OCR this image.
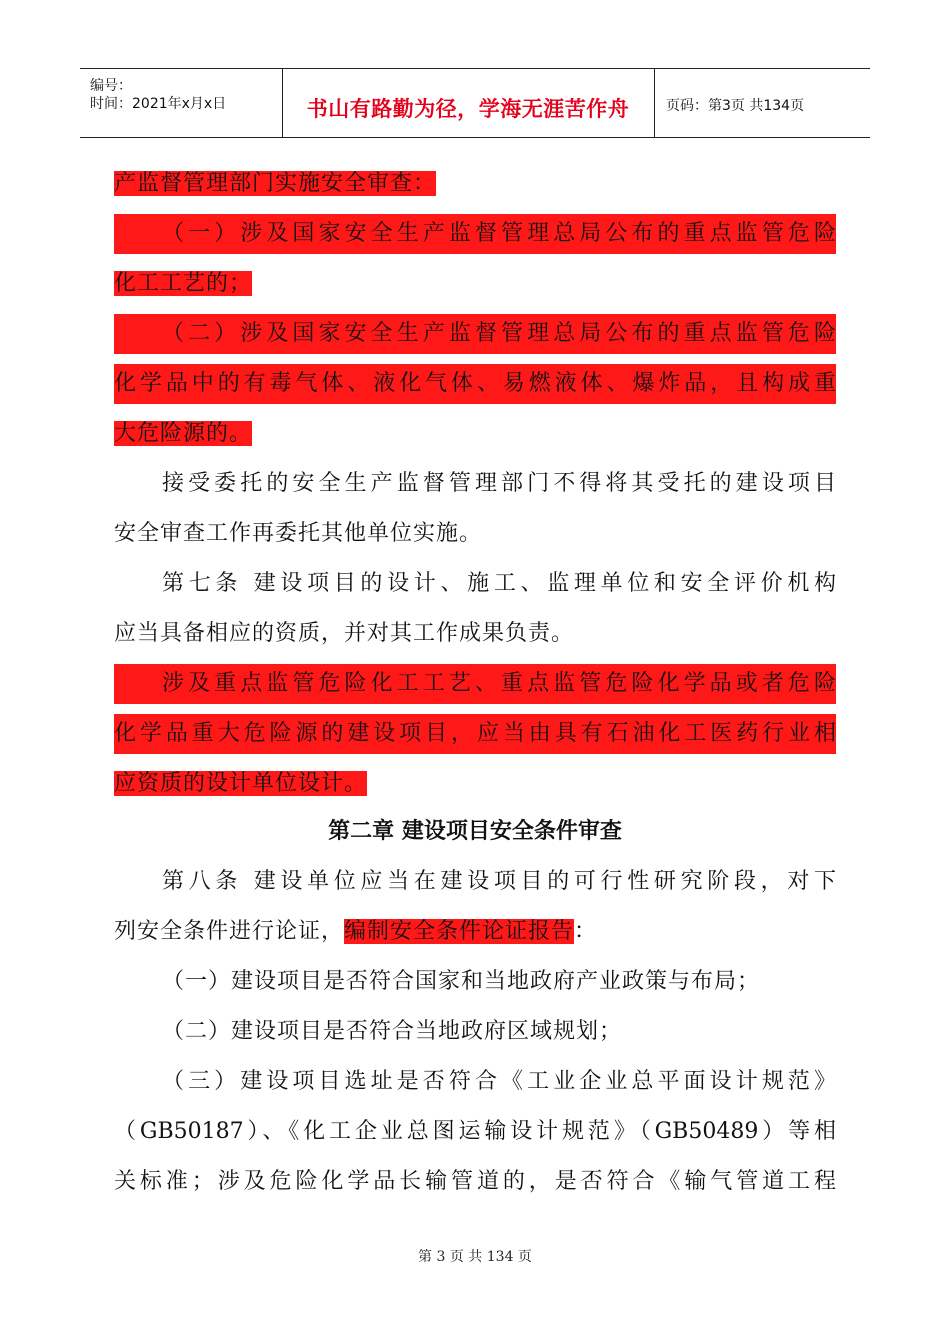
编号：
时间：2021年x月x日	书山有路勤为径，学海无涯苦作舟	页码：第3页 共134页
产监督管理部门实施安全审查：
（一）涉及国家安全生产监督管理总局公布的重点监管危险
化工工艺的；
（二）涉及国家安全生产监督管理总局公布的重点监管危险
化学品中的有毒气体、液化气体、易燃液体、爆炸品，且构成重
大危险源的。
接受委托的安全生产监督管理部门不得将其受托的建设项目
安全审查工作再委托其他单位实施。
第七条 建设项目的设计、施工、监理单位和安全评价机构
应当具备相应的资质，并对其工作成果负责。
涉及重点监管危险化工工艺、重点监管危险化学品或者危险
化学品重大危险源的建设项目，应当由具有石油化工医药行业相
应资质的设计单位设计。
第二章 建设项目安全条件审查
第八条 建设单位应当在建设项目的可行性研究阶段，对下
列安全条件进行论证，编制安全条件论证报告：
（一）建设项目是否符合国家和当地政府产业政策与布局；
（二）建设项目是否符合当地政府区域规划；
（三）建设项目选址是否符合《工业企业总平面设计规范》
（GB50187）、《化工企业总图运输设计规范》（GB50489）等相
关标准；涉及危险化学品长输管道的，是否符合《输气管道工程
第 3 页 共 134 页
